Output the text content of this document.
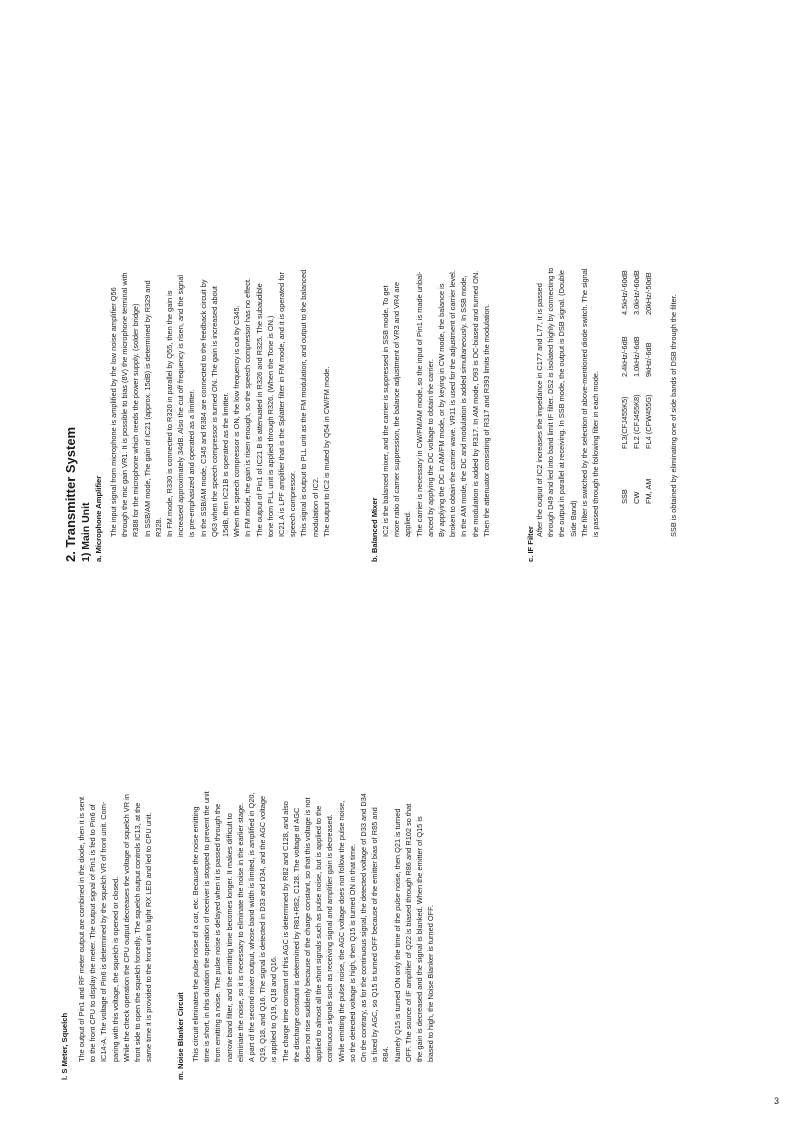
l. S Meter, Squelch The output of Pin1 and RF meter output are combined in the diode, then it is sent to the front CPU to display the meter. The output signal of Pin1 is fed to Pin6 of IC14-A. The voltage of Pin6 is determined by the squelch VR of front unit. Com- paring with this voltage, the squelch is opened or closed. While the check operation the CPU output decreases the voltage of squelch VR in front side to open the squelch forcedly. The squelch output controls IC13, at the same time it is provided to the front unit to light RX LED and led to CPU unit.	m. Noise Blanker Circuit This circuit eliminates the pulse noise of a car, etc. Because the noise emitting time is short, in this duration the operation of receiver is stopped to prevent the unit from emitting a noise. The pulse noise is delayed when it is passed through the narrow band filter, and the emitting time becomes longer. It makes difficult to eliminate the noise, so it is necessary to eliminate the noise in the earlier stage. A part of the second mixer output, whose band width is limited, is amplified in Q20, Q19, Q18, and Q16. The signal is detected in D33 and D34, and the AGC voltage is applied to Q19, Q18 and Q16. The charge time constant of this AGC is determined by R82 and C128, and also the discharge constant is determined by R81+R82, C128. The voltage of AGC does not rise suddenly because of the charge constant, so that this voltage is not applied to almost all the short signals such as pulse noise, but is applied to the continuous signals such as receiving signal and amplifier gain is decreased. While emitting the pulse noise, the AGC voltage does not follow the pulse noise, so the detected voltage is high, then Q15 is turned ON in that time. On the contrary, as for the continuous signal, the detected voltage of D33 and D34 is fixed by AGC, so Q15 is turned OFF because of the emitter bias of R85 and R84. Namely Q15 is turned ON only the time of the pulse noise, then Q21 is turned OFF. The source of IF amplifier of Q22 is biased through R86 and R102 so that the gain is decreased and the signal is blanked. When the emitter of Q15 is biased to high, the Noise Blanker is turned OFF.
2. Transmitter System 1) Main Unit a. Microphone Amplifier The input signal from microphone is amplified by the low noise amplifier Q56 through the mic gain VR1. It is possible to bias (8V) the microphone terminal with R388 for the microphone which needs the power supply. (solder bridge) In SSB/AM mode, The gain of IC21 (approx. 15dB) is determined by R329 and R328. In FM mode, R330 is connected to R320 in parallel by Q55, then the gain is increased approximately 34dB. Also the cut off frequency is risen, and the signal is pre-emphasized and operated as a limitter. In the SSB/AM mode, C345 and R384 are connected to the feedback circuit by Q63 when the speech compressor is turned ON. The gain is increased about 15dB, then IC21B is operated as the limitter. When the speech compressor is ON, the low frequency is cut by C345. In FM mode, the gain is risen enough, so the speech compressor has no effect. The output of Pin1 of IC21 B is attenuated in R326 and R325. The subaudible tone from PLL unit is applied through R326. (When the Tone is ON.) IC21 A is LPF amplifier that is the Splatter filter in FM mode, and it is operated for speech compressor. This signal is output to PLL unit as the FM modulation, and output to the balanced modulation of IC2. The output to IC2 is muted by Q54 in CW/FM mode.	b. Balanced Mixer IC2 is the balanced mixer, and the carrier is suppressed in SSB mode. To get more ratio of carrier suppression, the balance adjustment of VR3 and VR4 are applied. The carrier is necessary in CW/FM/AM mode, so the input of Pin1 is made unbal- anced by applying the DC voltage to obtain the carrier. By applying the DC in AM/FM mode, or by keying in CW mode, the balance is broken to obtain the carrier wave. VR11 is used for the adjustment of carrier level. In the AM mode, the DC and modulation is added simultaneously. In SSB mode, the modulation is added by R317. In AM mode, D93 is DC-biased and turned ON. Then the attenuator consisting of R317 and R393 limits the modulation.
c. IF Filter
After the output of IC2 increases the impedance in C177 and L77, it is passed through D49 and led into band limit IF filter. DS2 is isolated highly by connecting to the output in parallel at receiving. In SSB mode, the output is DSB signal. (Double Side Band) The filter is switched by the selection of above-mentioned diode switch. The signal is passed through the following filter in each mode.	SSB	FL3(CFJ455K5)	2.4kHz/-6dB	4.5kHz/-60dB
CW	FL2 (CFJ455K8)	1.0kHz/-6dB	3.0kHz/-60dB
FM, AM	FL4 (CFW455G)	9kHz/-6dB	20kHz/-50dB
SSB is obtained by eliminating one of side bands of DSB through the filter.
3
